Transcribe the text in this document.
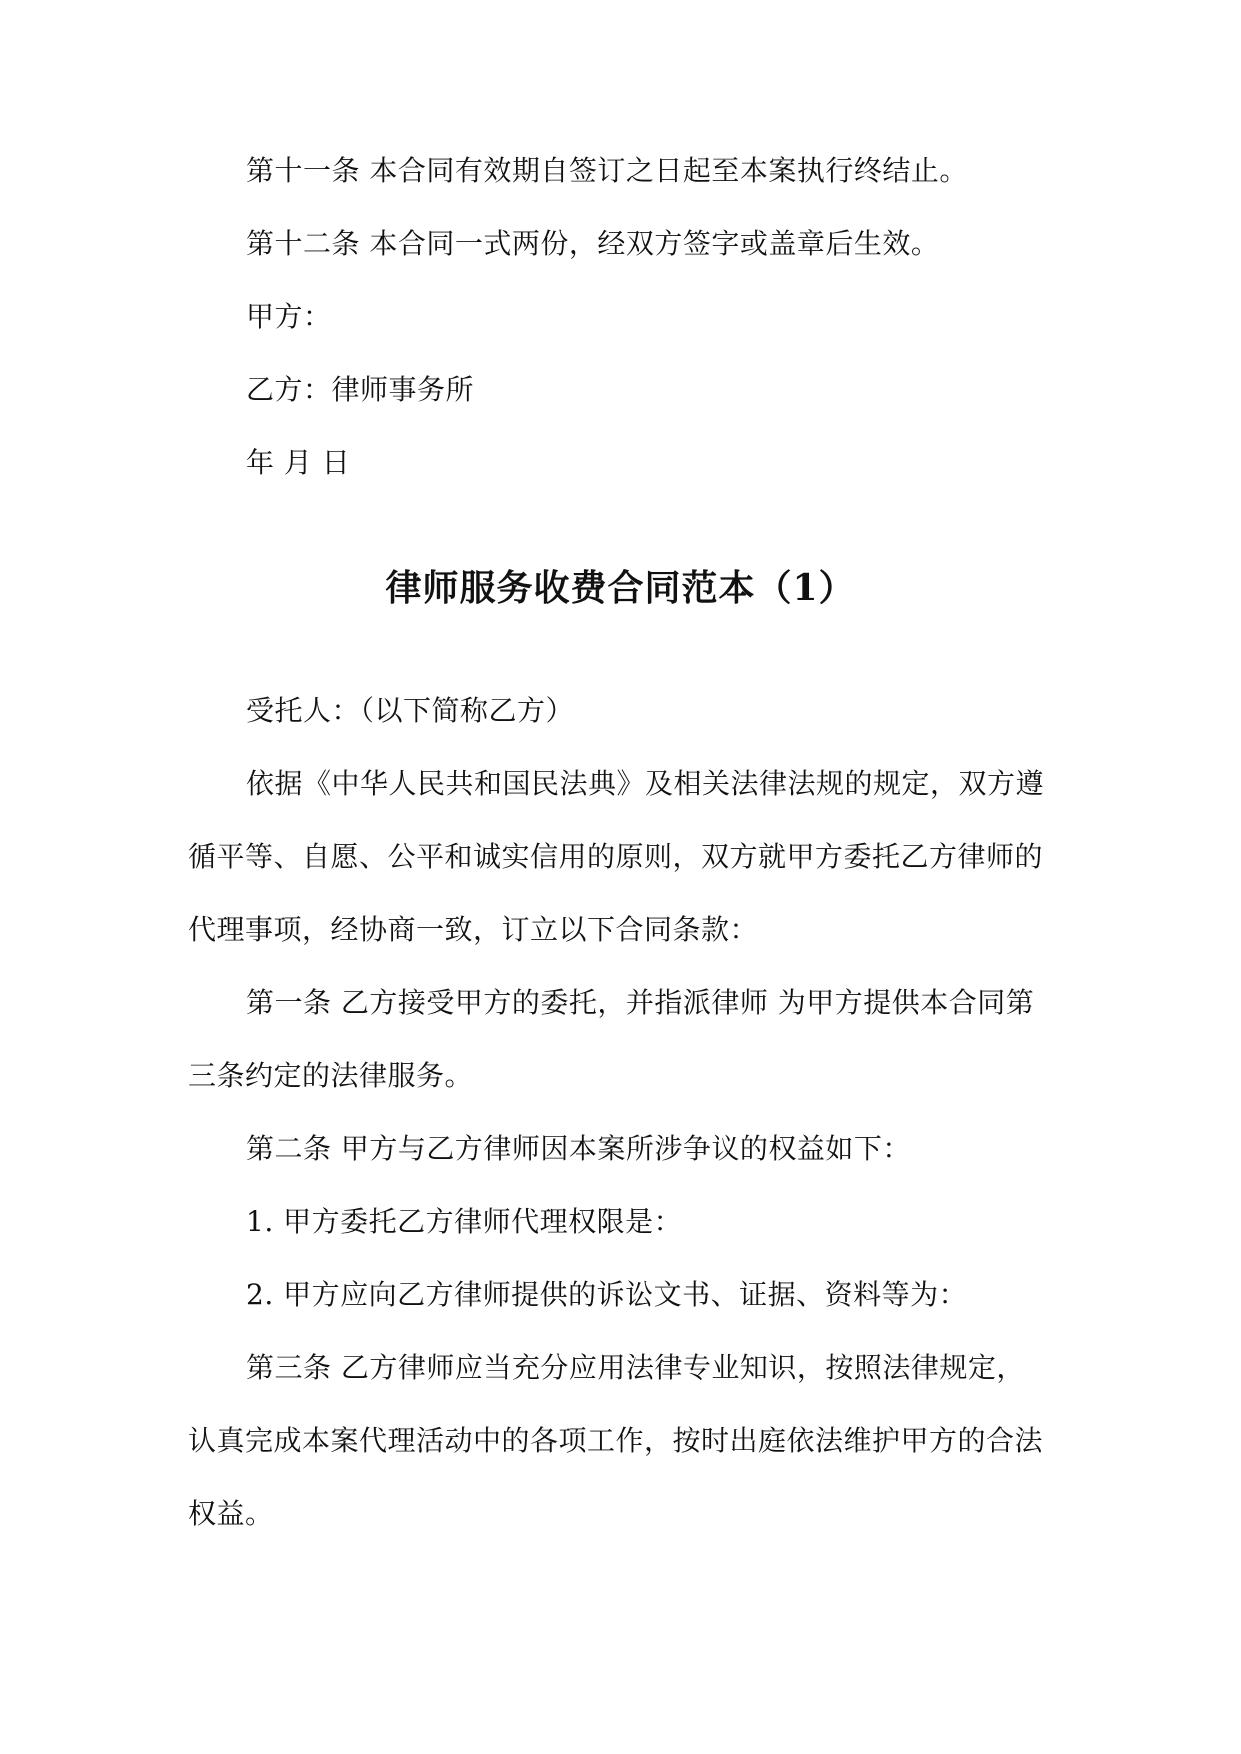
第十一条 本合同有效期自签订之日起至本案执行终结止。
第十二条 本合同一式两份，经双方签字或盖章后生效。
甲方：
乙方：律师事务所
年 月 日
律师服务收费合同范本（1）
受托人：（以下简称乙方）
依据《中华人民共和国民法典》及相关法律法规的规定，双方遵
循平等、自愿、公平和诚实信用的原则，双方就甲方委托乙方律师的
代理事项，经协商一致，订立以下合同条款：
第一条 乙方接受甲方的委托，并指派律师 为甲方提供本合同第
三条约定的法律服务。
第二条 甲方与乙方律师因本案所涉争议的权益如下：
1. 甲方委托乙方律师代理权限是：
2. 甲方应向乙方律师提供的诉讼文书、证据、资料等为：
第三条 乙方律师应当充分应用法律专业知识，按照法律规定，
认真完成本案代理活动中的各项工作，按时出庭依法维护甲方的合法
权益。
